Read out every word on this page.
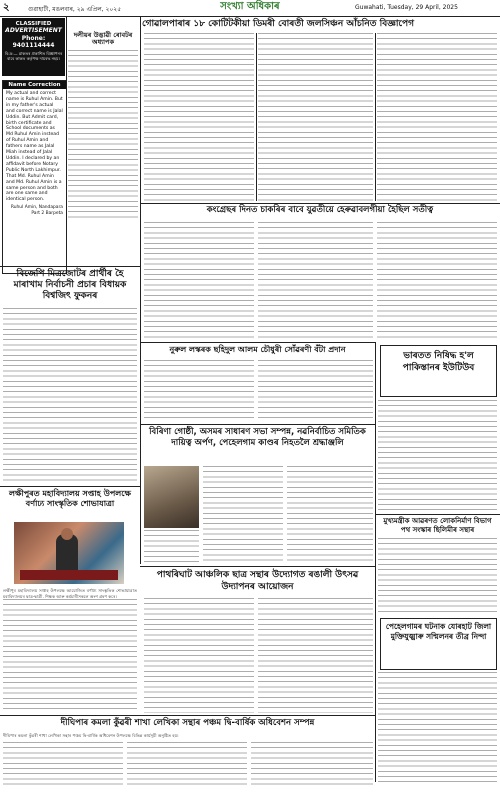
২	গুৱাহাটী, মঙলবাৰ, ২৯ এপ্ৰিল, ২০২৫	সংখ্যা অধিকাৰ	Guwahati, Tuesday, 29 April, 2025
CLASSIFIED
ADVERTISEMENT
Phone: 9401114444
বি:দ্ৰ:— ৱাকতৰ প্ৰকাশিত বিজ্ঞাপনৰ বাবে কাকত কৰ্তৃপক্ষ দায়বদ্ধ নহয়।
Name Correction
My actual and correct name is Ruhul Amin. But in my father's actual and correct name is Jalal Uddin. But Admit card, birth certificate and School documents as Md Ruhul Amin instead of Ruhul Amin and fathers name as Jalal Miah instead of Jalal Uddin. I declared by an affidavit before Notary Public North Lakhimpur. That Md. Ruhul Amin and Md. Ruhul Amin is a same person and both are one same and identical person.
Ruhul Amin, Nandapara Part 2 Barpeta
দলীয়ৰ উদ্ভাৱী ৰোবটৰ অধ্যাপক
বিজেপি মিত্ৰজোটৰ প্ৰাৰ্থীৰ হৈ মাৰাখাম নিৰ্বাচনী প্ৰচাৰ বিধায়ক বিশ্বজিৎ ফুকনৰ
লক্ষীপুৰত মহাবিদ্যালয় সপ্তাহ উপলক্ষে বৰ্ণাঢ্য সাংস্কৃতিক শোভাযাত্ৰা
লক্ষীপুৰ মহাবিদ্যালয় সপ্তাহ উপলক্ষে আয়োজিত বৰ্ণাঢ্য সাংস্কৃতিক শোভাযাত্ৰাত মহাবিদ্যালয়ৰ ছাত্ৰ-ছাত্ৰী, শিক্ষক আৰু কৰ্মচাৰীসকলে অংশ গ্ৰহণ কৰে।
গোৱালপাৰাৰ ১৮ কোটিটকীয়া ডিমৰী বোৰতী জলসিঞ্চন আঁচনিত বিজ্ঞাপেগ
কংগ্ৰেছৰ দিনত চাকৰিৰ বাবে যুৱতীয়ে হেৰুৱাবলগীয়া হৈছিল সতীত্ব
নুৰুল লস্কৰক ছহিদুল আলম চৌধুৰী সোঁৱৰণী বঁটা প্ৰদান
ভাৰতত নিষিদ্ধ হ'ল পাকিস্তানৰ ইউটিউব
বিৰিণা গোষ্ঠী, অসমৰ সাধাৰণ সভা সম্পন্ন, নৱনিৰ্বাচিত সমিতিক দায়িত্ব অৰ্পণ, পেহেলগাম কাণ্ডৰ নিহতলৈ শ্ৰদ্ধাঞ্জলি
পাথৰিঘাট আঞ্চলিক ছাত্ৰ সন্থাৰ উদ্যোগত ৰঙালী উৎসৱ উদ্যাপনৰ আয়োজন
মুখ্যমন্ত্ৰীক আৱৰণত লোকনিৰ্মাণ বিভাগ পথ সংস্কাৰ ছিলিমীৰ সন্থাৰ
পেহেলগামৰ ঘটনাক যোৰহাট জিলা মুক্তিযুজ্ঝাৰু সন্মিলনৰ তীব্ৰ নিন্দা
দীঘিপাৰ কমলা কুঁৱৰী শাখা লেখিকা সন্থাৰ পঞ্চম দ্বি-বাৰ্ষিক অধিবেশন সম্পন্ন
দীঘিপাৰ কমলা কুঁৱৰী শাখা লেখিকা সন্থাৰ পঞ্চম দ্বি-বাৰ্ষিক অধিবেশন উপলক্ষে বিভিন্ন কাৰ্যসূচী অনুষ্ঠিত হয়।
